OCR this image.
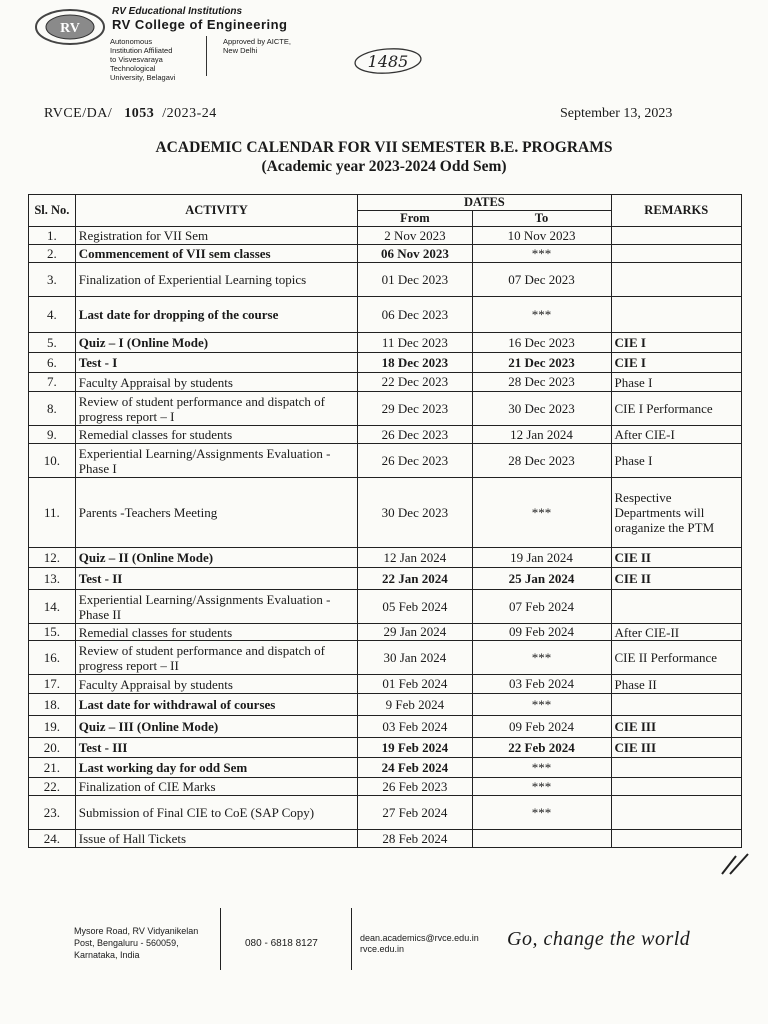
RV
RV Educational Institutions
RV College of Engineering
Autonomous
Institution Affiliated
to Visvesvaraya
Technological
University, Belagavi
Approved by AICTE,
New Delhi
1485
RVCE/DA/ 1053 /2023-24	September 13, 2023
ACADEMIC CALENDAR FOR VII SEMESTER B.E. PROGRAMS
(Academic year 2023-2024 Odd Sem)
Sl. No.	ACTIVITY	DATES		REMARKS
		From	To	
1.	Registration for VII Sem	2 Nov 2023	10 Nov 2023	
2.	Commencement of VII sem classes	06 Nov 2023	***	
3.	Finalization of Experiential Learning topics	01 Dec 2023	07 Dec 2023	
4.	Last date for dropping of the course	06 Dec 2023	***	
5.	Quiz – I (Online Mode)	11 Dec 2023	16 Dec 2023	CIE I
6.	Test - I	18 Dec 2023	21 Dec 2023	CIE I
7.	Faculty Appraisal by students	22 Dec 2023	28 Dec 2023	Phase I
8.	Review of student performance and dispatch of progress report – I	29 Dec 2023	30 Dec 2023	CIE I Performance
9.	Remedial classes for students	26 Dec 2023	12 Jan 2024	After CIE-I
10.	Experiential Learning/Assignments Evaluation - Phase I	26 Dec 2023	28 Dec 2023	Phase I
11.	Parents -Teachers Meeting	30 Dec 2023	***	Respective Departments will oraganize the PTM
12.	Quiz – II (Online Mode)	12 Jan 2024	19 Jan 2024	CIE II
13.	Test - II	22 Jan 2024	25 Jan 2024	CIE II
14.	Experiential Learning/Assignments Evaluation -Phase II	05 Feb 2024	07 Feb 2024	
15.	Remedial classes for students	29 Jan 2024	09 Feb 2024	After CIE-II
16.	Review of student performance and dispatch of progress report – II	30 Jan 2024	***	CIE II Performance
17.	Faculty Appraisal by students	01 Feb 2024	03 Feb 2024	Phase II
18.	Last date for withdrawal of courses	9 Feb 2024	***	
19.	Quiz – III (Online Mode)	03 Feb 2024	09 Feb 2024	CIE III
20.	Test - III	19 Feb 2024	22 Feb 2024	CIE III
21.	Last working day for odd Sem	24 Feb 2024	***	
22.	Finalization of CIE Marks	26 Feb 2023	***	
23.	Submission of Final CIE to CoE (SAP Copy)	27 Feb 2024	***	
24.	Issue of Hall Tickets	28 Feb 2024		
Mysore Road, RV Vidyanikelan
Post, Bengaluru - 560059,
Karnataka, India
080 - 6818 8127	dean.academics@rvce.edu.in
rvce.edu.in	Go, change the world
